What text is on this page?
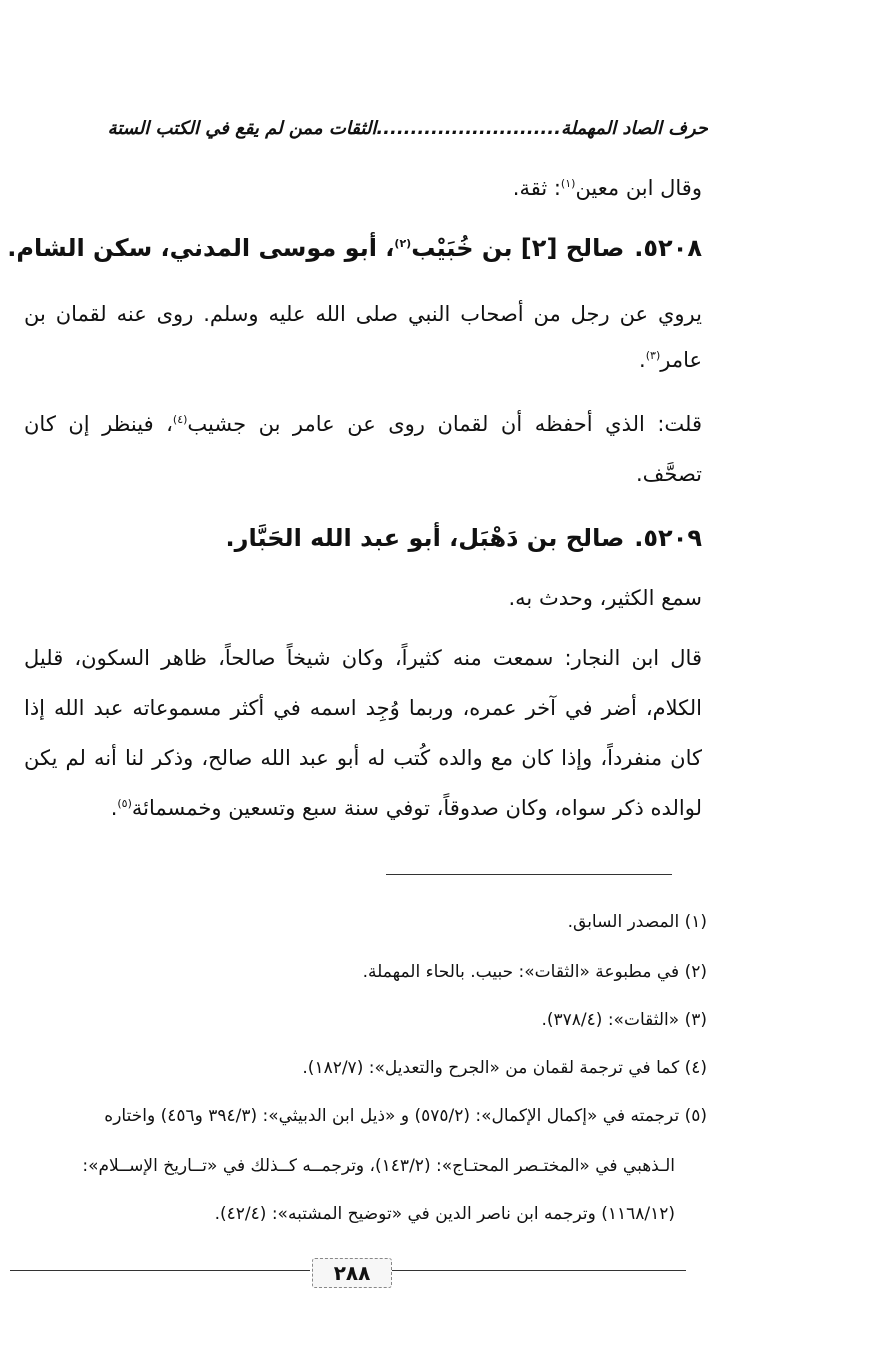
حرف الصاد المهملة...........................الثقات ممن لم يقع في الكتب الستة
وقال ابن معين$^{(١)}$: ثقة.
٥٢٠٨.صالح [٢] بن خُبَيْب$^{(٢)}$، أبو موسى المدني، سكن الشام.
يروي عن رجل من أصحاب النبي صلى الله عليه وسلم. روى عنه لقمان بن
عامر$^{(٣)}$.
قلت: الذي أحفظه أن لقمان روى عن عامر بن جشيب$^{(٤)}$، فينظر إن كان
تصحَّف.
٥٢٠٩.صالح بن دَهْبَل، أبو عبد الله الحَبَّار.
سمع الكثير، وحدث به.
قال ابن النجار: سمعت منه كثيراً، وكان شيخاً صالحاً، ظاهر السكون، قليل
الكلام، أضر في آخر عمره، وربما وُجِد اسمه في أكثر مسموعاته عبد الله إذا
كان منفرداً، وإذا كان مع والده كُتب له أبو عبد الله صالح، وذكر لنا أنه لم يكن
لوالده ذكر سواه، وكان صدوقاً، توفي سنة سبع وتسعين وخمسمائة$^{(٥)}$.
(١) المصدر السابق.
(٢) في مطبوعة «الثقات»: حبيب. بالحاء المهملة.
(٣) «الثقات»: (٣٧٨/٤).
(٤) كما في ترجمة لقمان من «الجرح والتعديل»: (١٨٢/٧).
(٥) ترجمته في «إكمال الإكمال»: (٥٧٥/٢) و «ذيل ابن الدبيثي»: (٣٩٤/٣ و٤٥٦) واختاره
الـذهبي في «المختـصر المحتـاج»: (١٤٣/٢)، وترجمــه كــذلك في «تــاريخ الإســلام»:
(١١٦٨/١٢) وترجمه ابن ناصر الدين في «توضيح المشتبه»: (٤٢/٤).
٢٨٨
